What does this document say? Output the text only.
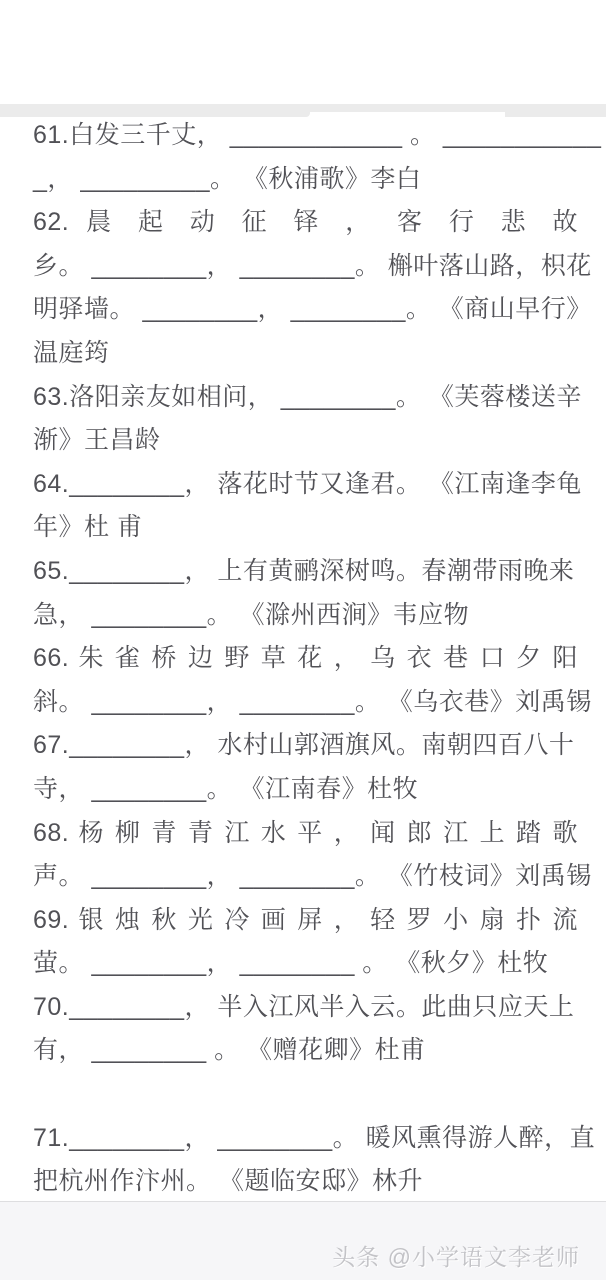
61.白发三千丈， ____________ 。 ___________
_， _________。 《秋浦歌》李白
62. 晨 起 动 征 铎 ， 客 行 悲 故
乡。 ________， ________。 槲叶落山路，枳花
明驿墙。 ________， ________。 《商山早行》
温庭筠
63.洛阳亲友如相问， ________。 《芙蓉楼送辛
渐》王昌龄
64.________， 落花时节又逢君。 《江南逢李龟
年》杜 甫
65.________， 上有黄鹂深树鸣。春潮带雨晚来
急， ________。 《滁州西涧》韦应物
66. 朱 雀 桥 边 野 草 花 ， 乌 衣 巷 口 夕 阳
斜。 ________， ________。 《乌衣巷》刘禹锡
67.________， 水村山郭酒旗风。南朝四百八十
寺， ________。 《江南春》杜牧
68. 杨 柳 青 青 江 水 平 ， 闻 郎 江 上 踏 歌
声。 ________， ________。 《竹枝词》刘禹锡
69. 银 烛 秋 光 冷 画 屏 ， 轻 罗 小 扇 扑 流
萤。 ________， ________ 。 《秋夕》杜牧
70.________， 半入江风半入云。此曲只应天上
有， ________ 。 《赠花卿》杜甫

71.________， ________。 暖风熏得游人醉，直
把杭州作汴州。 《题临安邸》林升
头条 @小学语文李老师
